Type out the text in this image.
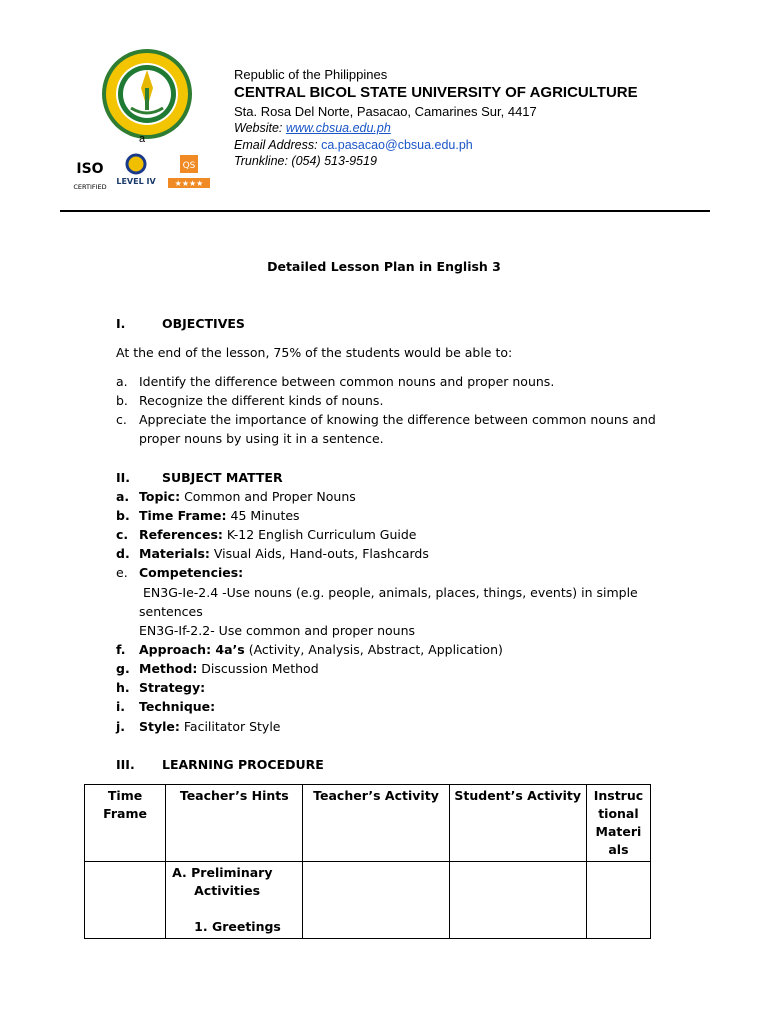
a
ISO
CERTIFIED
LEVEL IV
QS
★★★★
Republic of the Philippines
CENTRAL BICOL STATE UNIVERSITY OF AGRICULTURE
Sta. Rosa Del Norte, Pasacao, Camarines Sur, 4417
Website: www.cbsua.edu.ph
Email Address: ca.pasacao@cbsua.edu.ph
Trunkline: (054) 513-9519
Detailed Lesson Plan in English 3
I.	OBJECTIVES
At the end of the lesson, 75% of the students would be able to:
a. Identify the difference between common nouns and proper nouns.
b. Recognize the different kinds of nouns.
c. Appreciate the importance of knowing the difference between common nouns and
proper nouns by using it in a sentence.
II.	SUBJECT MATTER
a. Topic: Common and Proper Nouns
b. Time Frame: 45 Minutes
c. References: K-12 English Curriculum Guide
d. Materials: Visual Aids, Hand-outs, Flashcards
e. Competencies:
EN3G-Ie-2.4 -Use nouns (e.g. people, animals, places, things, events) in simple
sentences
EN3G-If-2.2- Use common and proper nouns
f. Approach: 4a’s (Activity, Analysis, Abstract, Application)
g. Method: Discussion Method
h. Strategy:
i. Technique:
j. Style: Facilitator Style
III. LEARNING PROCEDURE
Time
Frame	Teacher’s Hints	Teacher’s Activity	Student’s Activity	Instruc
tional
Materi
als

	A. Preliminary
Activities

1. Greetings			
